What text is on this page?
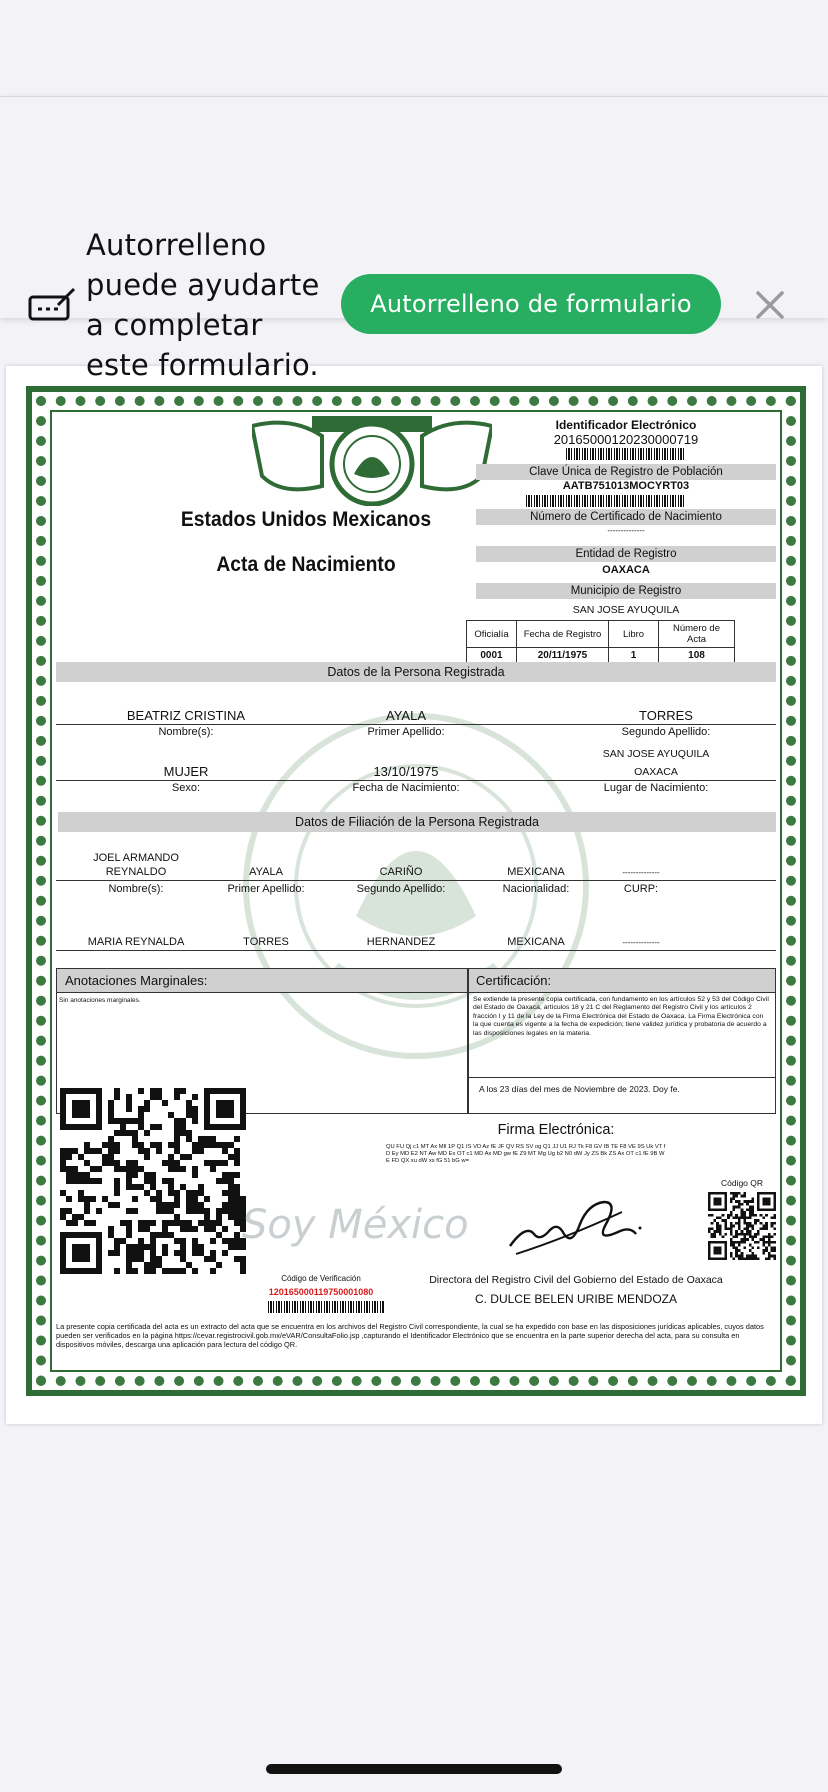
Autorrelleno puede ayudarte a completar este formulario.
Autorrelleno de formulario
Identificador Electrónico
20165000120230000719
Clave Única de Registro de Población
AATB751013MOCYRT03
Número de Certificado de Nacimiento
--------------
Estados Unidos Mexicanos
Acta de Nacimiento	Entidad de Registro
OAXACA
Municipio de Registro
SAN JOSE AYUQUILA
Oficialía	Fecha de Registro	Libro	Número de Acta
0001	20/11/1975	1	108
Datos de la Persona Registrada
BEATRIZ CRISTINA	AYALA	TORRES
Nombre(s):	Primer Apellido:	Segundo Apellido:
SAN JOSE AYUQUILA
MUJER	13/10/1975	OAXACA
Sexo:	Fecha de Nacimiento:	Lugar de Nacimiento:
Datos de Filiación de la Persona Registrada
JOEL ARMANDO
REYNALDO	AYALA	CARIÑO	MEXICANA	--------------
Nombre(s):	Primer Apellido:	Segundo Apellido:	Nacionalidad:	CURP:
MARIA REYNALDA	TORRES	HERNANDEZ	MEXICANA	--------------
Anotaciones Marginales:	Certificación:
Sin anotaciones marginales.	Se extiende la presente copia certificada, con fundamento en los artículos 52 y 53 del Código Civil del Estado de Oaxaca, artículos 18 y 21 C del Reglamento del Registro Civil y los artículos 2 fracción I y 11 de la Ley de la Firma Electrónica del Estado de Oaxaca. La Firma Electrónica con la que cuenta es vigente a la fecha de expedición; tiene validez jurídica y probatoria de acuerdo a las disposiciones legales en la materia.
A los 23 días del mes de Noviembre de 2023. Doy fe.
Firma Electrónica:
QU FU Qj c1 MT Ax MIl 1P Q1 IS VD Az fE JF QV RS SV og Q1 JJ U1 RJ Tk F8 GV IB TE F8 VE 9S Uk VT fD Ey MD E2 NT Aw MD Ex OT c1 MD Ax MD gw fE Z9 MT Mg Ug b2 N0 dW Jy ZS Bk ZS Ax OT c1 fE 9B WE FD QX xu dW xs fG 51 bG w=
Código QR
Soy México
Código de Verificación
120165000119750001080
Directora del Registro Civil del Gobierno del Estado de Oaxaca
C. DULCE BELEN URIBE MENDOZA
La presente copia certificada del acta es un extracto del acta que se encuentra en los archivos del Registro Civil correspondiente, la cual se ha expedido con base en las disposiciones jurídicas aplicables, cuyos datos pueden ser verificados en la página https://cevar.registrocivil.gob.mx/eVAR/ConsultaFolio.jsp ,capturando el Identificador Electrónico que se encuentra en la parte superior derecha del acta, para su consulta en dispositivos móviles, descarga una aplicación para lectura del código QR.
